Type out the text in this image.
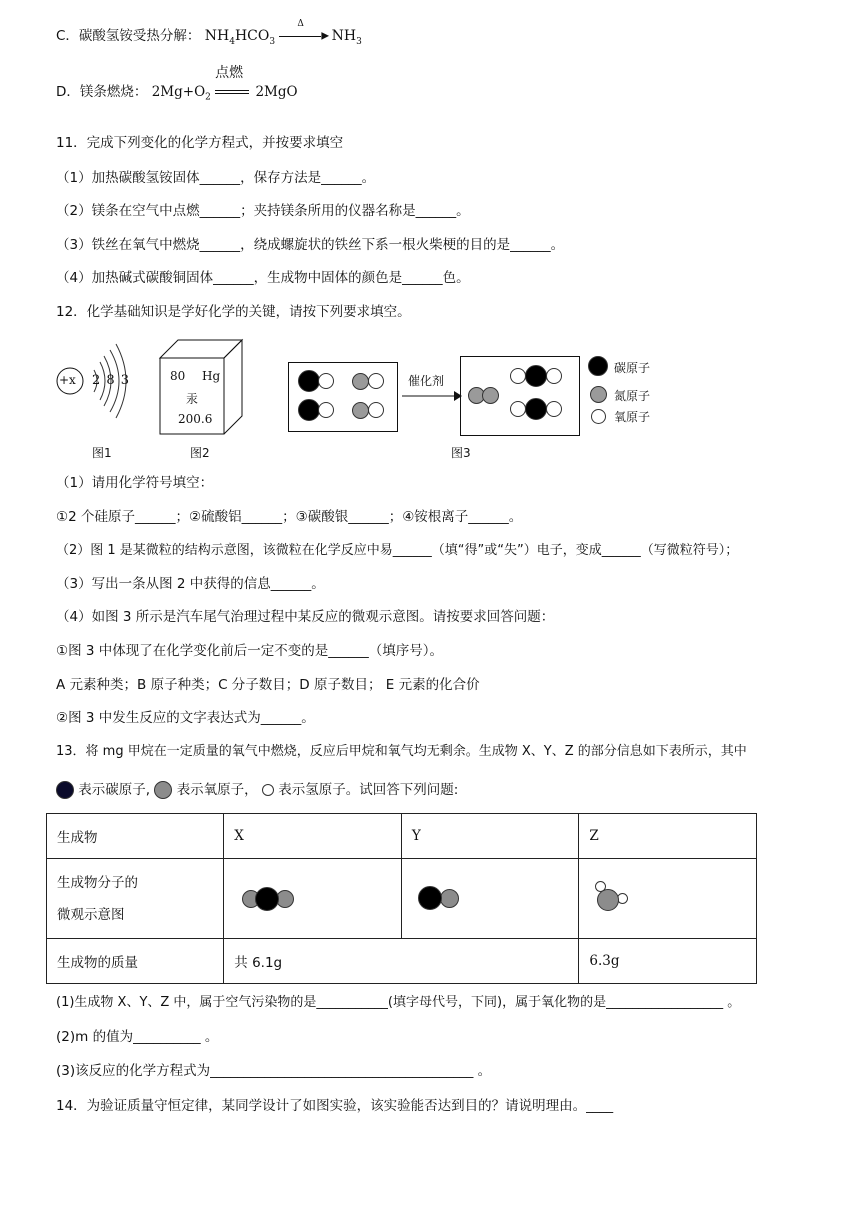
C．碳酸氢铵受热分解： $NH_4HCO_3$
Δ
▶ $NH_3$
D．镁条燃烧： $2Mg+O_2$
点燃
2MgO
11．完成下列变化的化学方程式，并按要求填空
（1）加热碳酸氢铵固体______，保存方法是______。
（2）镁条在空气中点燃______；夹持镁条所用的仪器名称是______。
（3）铁丝在氧气中燃烧______，绕成螺旋状的铁丝下系一根火柴梗的目的是______。
（4）加热碱式碳酸铜固体______，生成物中固体的颜色是______色。
12．化学基础知识是学好化学的关键，请按下列要求填空。
+x 2 8 3
图1
80 Hg
汞
200.6
图2
催化剂
碳原子
氮原子
氧原子
图3
（1）请用化学符号填空：
①2 个硅原子______；②硫酸铝______；③碳酸银______；④铵根离子______。
（2）图 1 是某微粒的结构示意图，该微粒在化学反应中易______（填“得”或“失”）电子，变成______（写微粒符号）；
（3）写出一条从图 2 中获得的信息______。
（4）如图 3 所示是汽车尾气治理过程中某反应的微观示意图。请按要求回答问题：
①图 3 中体现了在化学变化前后一定不变的是______（填序号）。
A 元素种类；B 原子种类；C 分子数目；D 原子数目； E 元素的化合价
②图 3 中发生反应的文字表达式为______。
13．将 mg 甲烷在一定质量的氧气中燃烧，反应后甲烷和氧气均无剩余。生成物 X、Y、Z 的部分信息如下表所示，其中
表示碳原子, 表示氧原子， 表示氢原子。试回答下列问题:
生成物	X	Y	Z

生成物分子的
微观示意图			

生成物的质量	共 6.1g		6.3g
(1)生成物 X、Y、Z 中，属于空气污染物的是___________(填字母代号，下同)，属于氧化物的是__________________ 。
(2)m 的值为__________ 。
(3)该反应的化学方程式为_______________________________________ 。
14．为验证质量守恒定律，某同学设计了如图实验，该实验能否达到目的？请说明理由。____
